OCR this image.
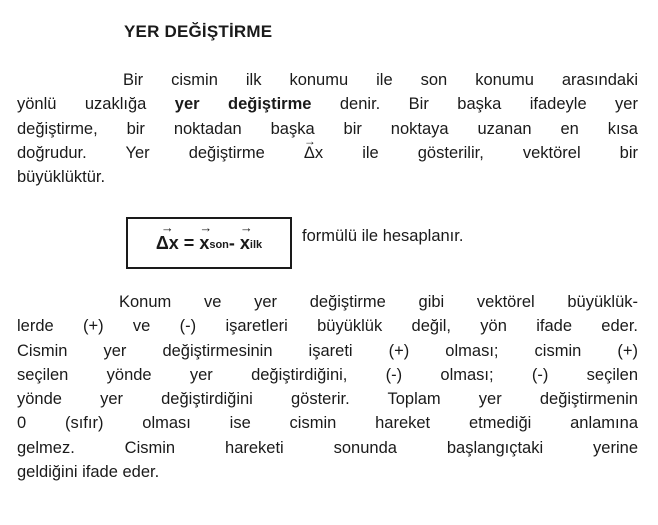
YER DEĞİŞTİRME
Bir cismin ilk konumu ile son konumu arasındaki
yönlü uzaklığa yer değiştirme denir. Bir başka ifadeyle yer
değiştirme, bir noktadan başka bir noktaya uzanan en kısa
doğrudur. Yer değiştirme → Δx ile gösterilir, vektörel bir
büyüklüktür.
→ Δx = → $x_{son}$ - → $x_{ilk}$ formülü ile hesaplanır.
Konum ve yer değiştirme gibi vektörel büyüklük-
lerde (+) ve (-) işaretleri büyüklük değil, yön ifade eder.
Cismin yer değiştirmesinin işareti (+) olması; cismin (+)
seçilen yönde yer değiştirdiğini, (-) olması; (-) seçilen
yönde yer değiştirdiğini gösterir. Toplam yer değiştirmenin
0 (sıfır) olması ise cismin hareket etmediği anlamına
gelmez. Cismin hareketi sonunda başlangıçtaki yerine
geldiğini ifade eder.
